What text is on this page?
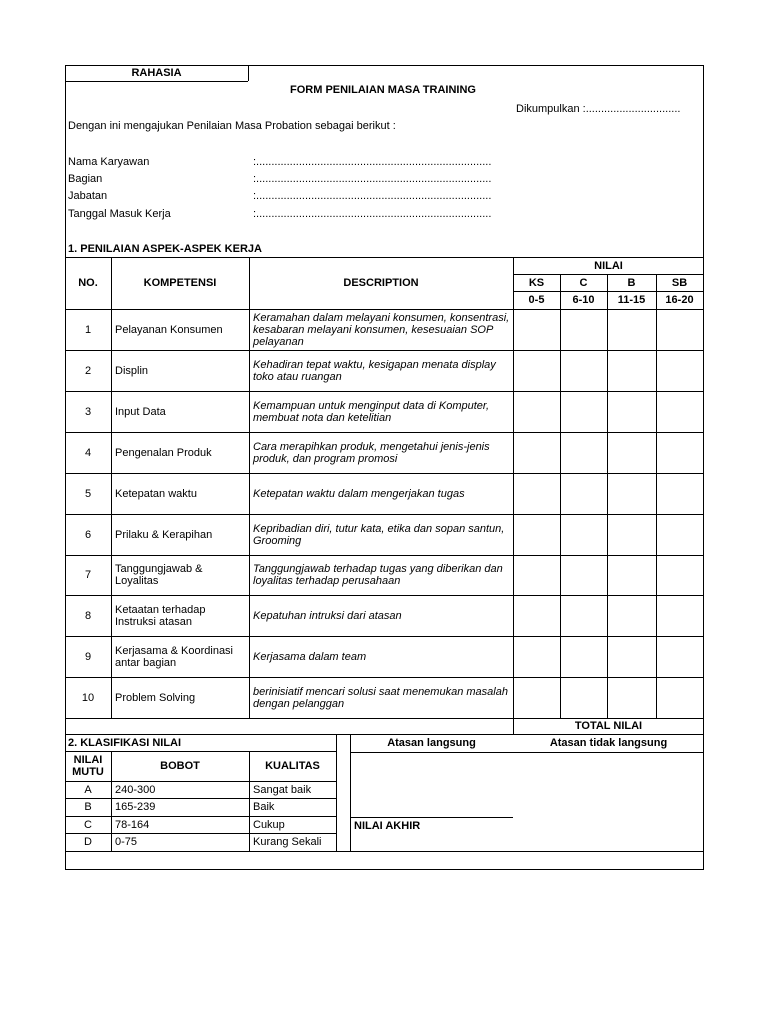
RAHASIA
FORM PENILAIAN MASA TRAINING
Dikumpulkan :...............................
Dengan ini mengajukan Penilaian Masa Probation sebagai berikut :
Nama Karyawan	:.............................................................................
Bagian	:.............................................................................
Jabatan	:.............................................................................
Tanggal Masuk Kerja	:.............................................................................
1. PENILAIAN ASPEK-ASPEK KERJA
NO.	KOMPETENSI	DESCRIPTION
NILAI
KS	C	B	SB
0-5	6-10	11-15	16-20
1	Pelayanan Konsumen
Keramahan dalam melayani konsumen, konsentrasi, kesabaran melayani konsumen, kesesuaian SOP pelayanan
2	Displin	Kehadiran tepat waktu, kesigapan menata display toko atau ruangan
3	Input Data	Kemampuan untuk menginput data di Komputer, membuat nota dan ketelitian
4	Pengenalan Produk	Cara merapihkan produk, mengetahui jenis-jenis produk, dan program promosi
5	Ketepatan waktu	Ketepatan waktu dalam mengerjakan tugas
6	Prilaku & Kerapihan	Kepribadian diri, tutur kata, etika dan sopan santun, Grooming
7	Tanggungjawab & Loyalitas
Tanggungjawab terhadap tugas yang diberikan dan loyalitas terhadap perusahaan
8	Ketaatan terhadap Instruksi atasan	Kepatuhan intruksi dari atasan
9	Kerjasama & Koordinasi antar bagian	Kerjasama dalam team
10	Problem Solving	berinisiatif mencari solusi saat menemukan masalah dengan pelanggan
TOTAL NILAI
2. KLASIFIKASI NILAI
NILAI MUTU	BOBOT	KUALITAS
A	240-300	Sangat baik
B	165-239	Baik
C	78-164	Cukup
D	0-75	Kurang Sekali
Atasan langsung	Atasan tidak langsung
NILAI AKHIR
